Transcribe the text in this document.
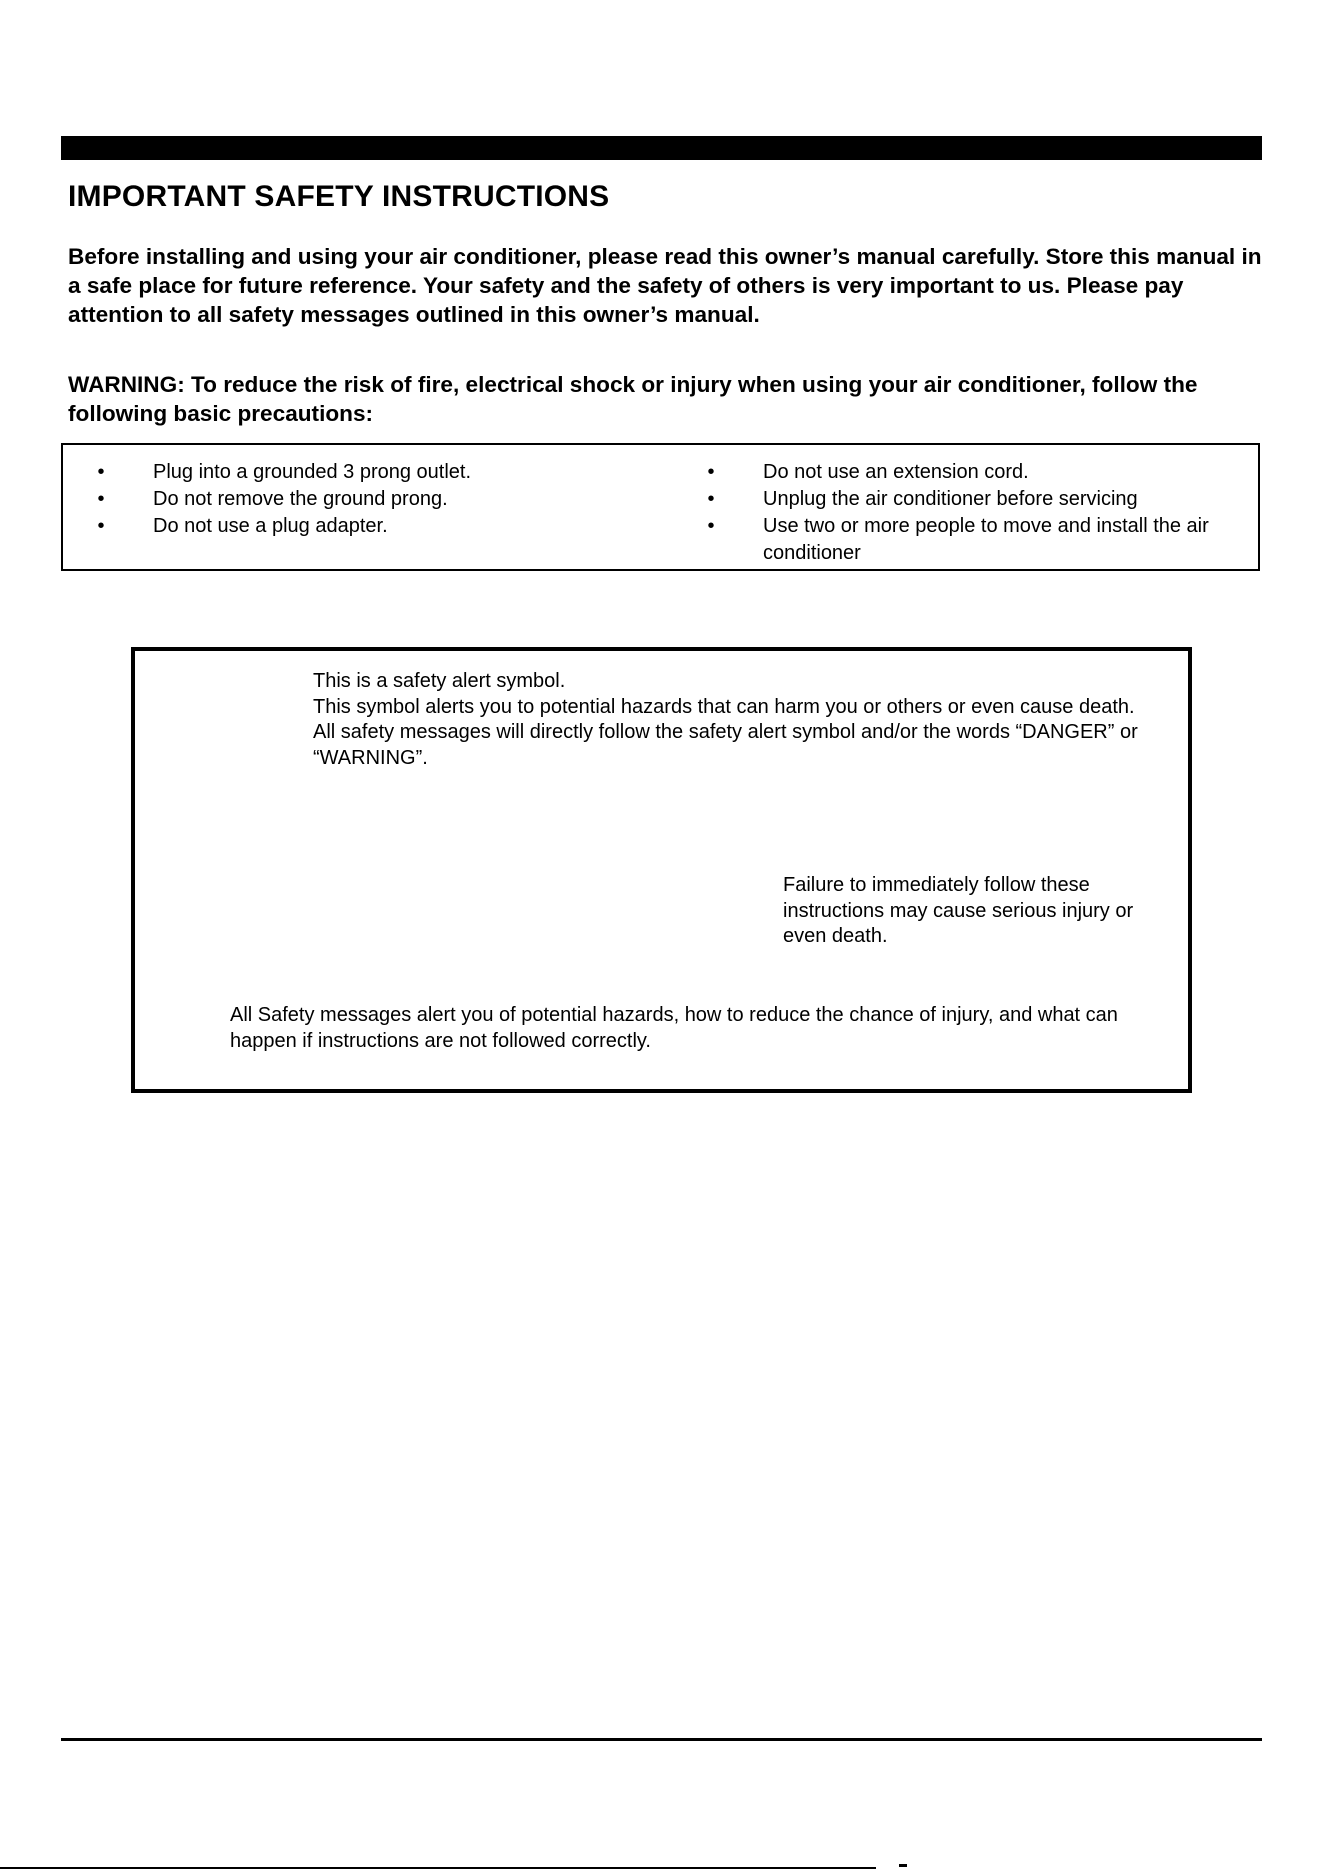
IMPORTANT SAFETY INSTRUCTIONS

Before installing and using your air conditioner, please read this owner’s manual carefully. Store this manual in a safe place for future reference. Your safety and the safety of others is very important to us. Please pay attention to all safety messages outlined in this owner’s manual.

WARNING: To reduce the risk of fire, electrical shock or injury when using your air conditioner, follow the following basic precautions:

•	Plug into a grounded 3 prong outlet.
•	Do not remove the ground prong.
•	Do not use a plug adapter.
•	Do not use an extension cord.
•	Unplug the air conditioner before servicing
•	Use two or more people to move and install the air conditioner
This is a safety alert symbol.
This symbol alerts you to potential hazards that can harm you or others or even cause death.
All safety messages will directly follow the safety alert symbol and/or the words “DANGER” or “WARNING”.

Failure to immediately follow these instructions may cause serious injury or even death.

All Safety messages alert you of potential hazards, how to reduce the chance of injury, and what can happen if instructions are not followed correctly.
